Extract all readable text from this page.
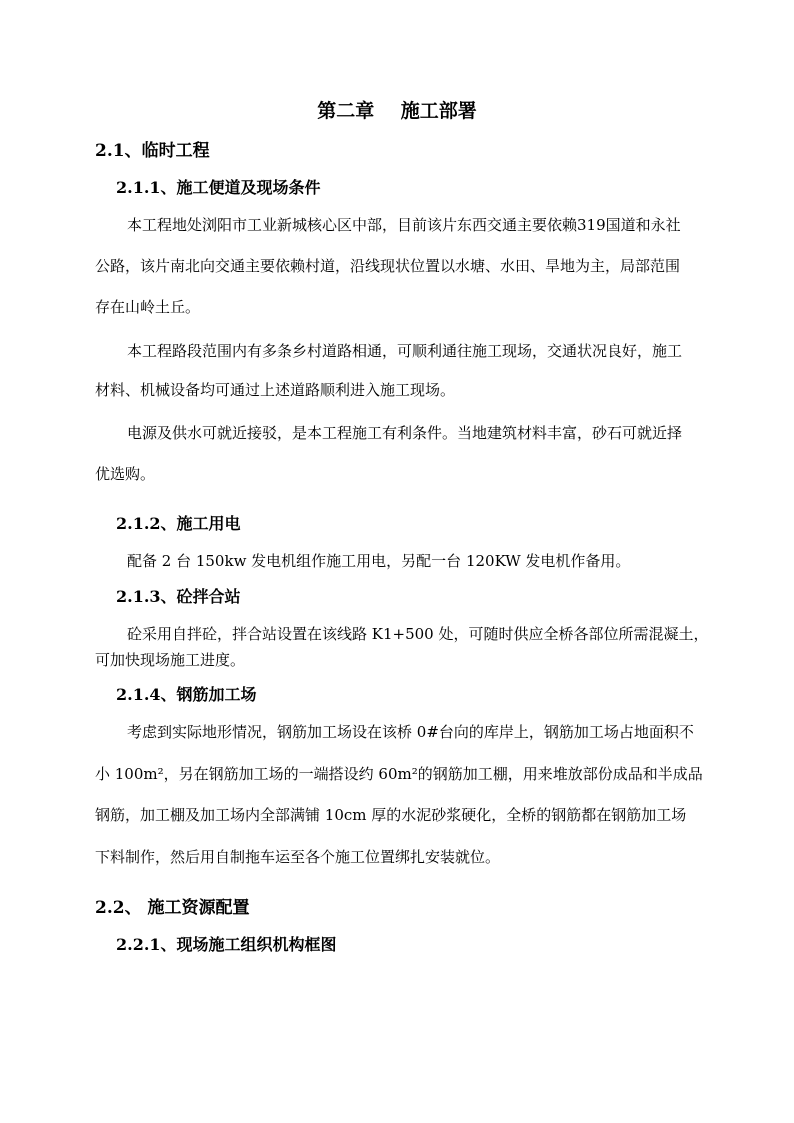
第二章    施工部署
2.1、临时工程
2.1.1、施工便道及现场条件
本工程地处浏阳市工业新城核心区中部，目前该片东西交通主要依赖319国道和永社
公路，该片南北向交通主要依赖村道，沿线现状位置以水塘、水田、旱地为主，局部范围
存在山岭土丘。
本工程路段范围内有多条乡村道路相通，可顺利通往施工现场，交通状况良好，施工
材料、机械设备均可通过上述道路顺利进入施工现场。
电源及供水可就近接驳，是本工程施工有利条件。当地建筑材料丰富，砂石可就近择
优选购。
2.1.2、施工用电
配备 2 台 150kw 发电机组作施工用电，另配一台 120KW 发电机作备用。
2.1.3、砼拌合站
砼采用自拌砼，拌合站设置在该线路 K1+500 处，可随时供应全桥各部位所需混凝土，
可加快现场施工进度。
2.1.4、钢筋加工场
考虑到实际地形情况，钢筋加工场设在该桥 0#台向的库岸上，钢筋加工场占地面积不
小 100m²，另在钢筋加工场的一端搭设约 60m²的钢筋加工棚，用来堆放部份成品和半成品
钢筋，加工棚及加工场内全部满铺 10cm 厚的水泥砂浆硬化，全桥的钢筋都在钢筋加工场
下料制作，然后用自制拖车运至各个施工位置绑扎安装就位。
2.2、 施工资源配置
2.2.1、现场施工组织机构框图
